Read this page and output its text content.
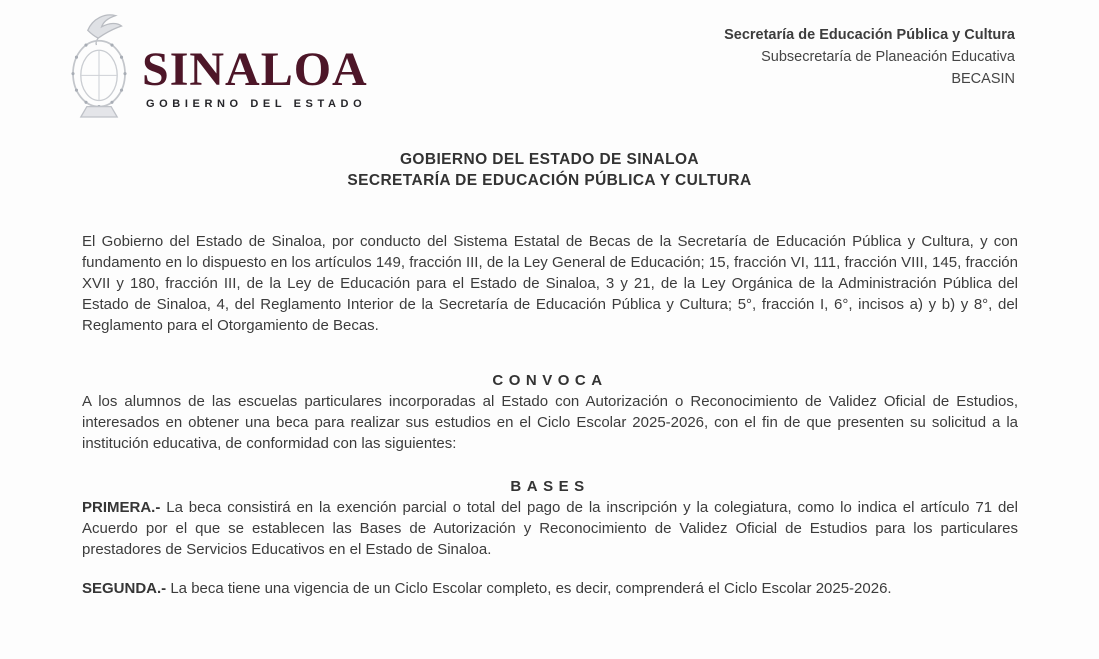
SINALOA
GOBIERNO DEL ESTADO
Secretaría de Educación Pública y Cultura
Subsecretaría de Planeación Educativa
BECASIN
GOBIERNO DEL ESTADO DE SINALOA
SECRETARÍA DE EDUCACIÓN PÚBLICA Y CULTURA

El Gobierno del Estado de Sinaloa, por conducto del Sistema Estatal de Becas de la Secretaría de Educación Pública y Cultura, y con fundamento en lo dispuesto en los artículos 149, fracción III, de la Ley General de Educación; 15, fracción VI, 111, fracción VIII, 145, fracción XVII y 180, fracción III, de la Ley de Educación para el Estado de Sinaloa, 3 y 21, de la Ley Orgánica de la Administración Pública del Estado de Sinaloa, 4, del Reglamento Interior de la Secretaría de Educación Pública y Cultura; 5°, fracción I, 6°, incisos a) y b) y 8°, del Reglamento para el Otorgamiento de Becas.

CONVOCA

A los alumnos de las escuelas particulares incorporadas al Estado con Autorización o Reconocimiento de Validez Oficial de Estudios, interesados en obtener una beca para realizar sus estudios en el Ciclo Escolar 2025-2026, con el fin de que presenten su solicitud a la institución educativa, de conformidad con las siguientes:

BASES

PRIMERA.- La beca consistirá en la exención parcial o total del pago de la inscripción y la colegiatura, como lo indica el artículo 71 del Acuerdo por el que se establecen las Bases de Autorización y Reconocimiento de Validez Oficial de Estudios para los particulares prestadores de Servicios Educativos en el Estado de Sinaloa.

SEGUNDA.- La beca tiene una vigencia de un Ciclo Escolar completo, es decir, comprenderá el Ciclo Escolar 2025-2026.
